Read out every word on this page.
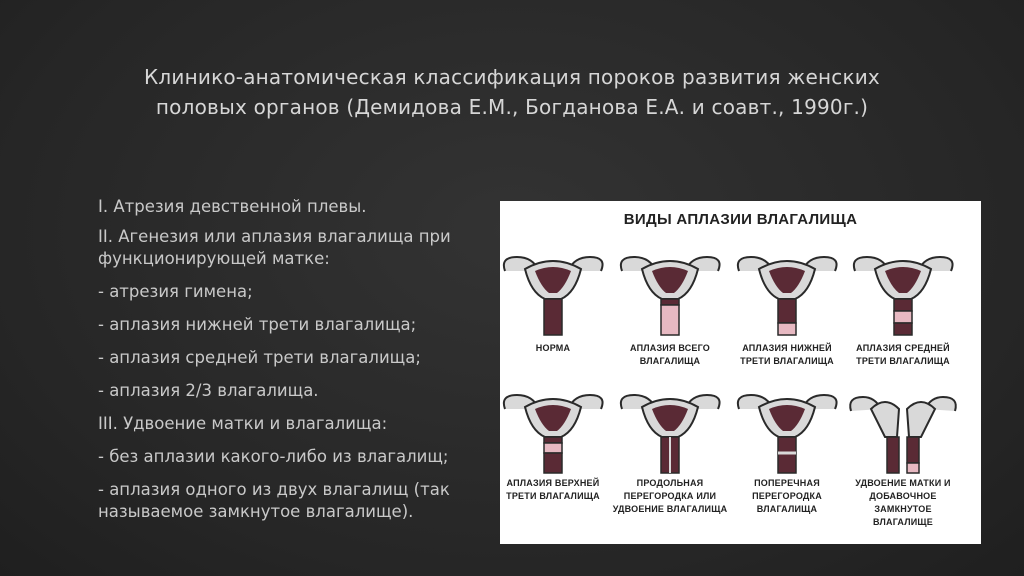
Клинико-анатомическая классификация пороков развития женских
половых органов (Демидова Е.М., Богданова Е.А. и соавт., 1990г.)
I. Атрезия девственной плевы.
II. Агенезия или аплазия влагалища при функционирующей матке:
- атрезия гимена;
- аплазия нижней трети влагалища;
- аплазия средней трети влагалища;
- аплазия 2/3 влагалища.
III. Удвоение матки и влагалища:
- без аплазии какого-либо из влагалищ;
- аплазия одного из двух влагалищ (так называемое замкнутое влагалище).
ВИДЫ АПЛАЗИИ ВЛАГАЛИЩА
НОРМА	АПЛАЗИЯ ВСЕГО ВЛАГАЛИЩА
АПЛАЗИЯ НИЖНЕЙ ТРЕТИ ВЛАГАЛИЩА
АПЛАЗИЯ СРЕДНЕЙ ТРЕТИ ВЛАГАЛИЩА
АПЛАЗИЯ ВЕРХНЕЙ ТРЕТИ ВЛАГАЛИЩА
ПРОДОЛЬНАЯ ПЕРЕГОРОДКА ИЛИ УДВОЕНИЕ ВЛАГАЛИЩА
ПОПЕРЕЧНАЯ ПЕРЕГОРОДКА ВЛАГАЛИЩА
УДВОЕНИЕ МАТКИ И ДОБАВОЧНОЕ ЗАМКНУТОЕ ВЛАГАЛИЩЕ
